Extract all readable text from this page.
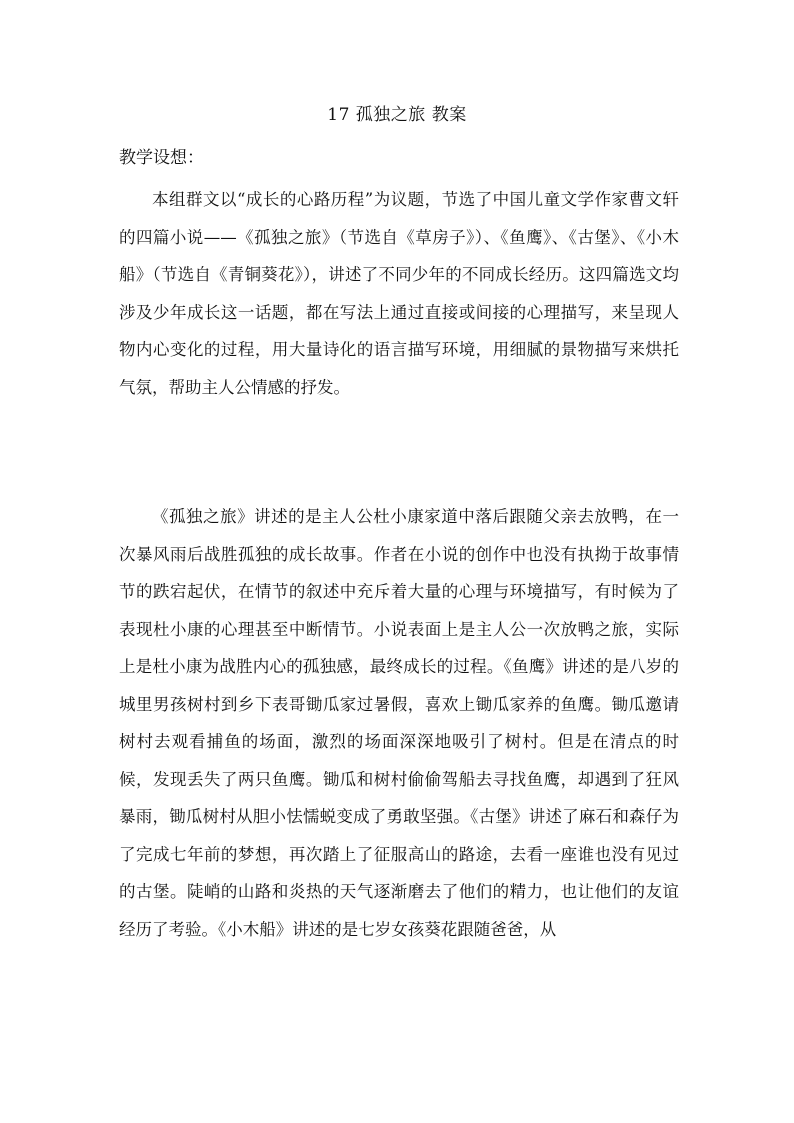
17 孤独之旅 教案
教学设想：

本组群文以“成长的心路历程”为议题，节选了中国儿童文学作家曹文轩的四篇小说——《孤独之旅》（节选自《草房子》）、《鱼鹰》、《古堡》、《小木船》（节选自《青铜葵花》），讲述了不同少年的不同成长经历。这四篇选文均涉及少年成长这一话题，都在写法上通过直接或间接的心理描写，来呈现人物内心变化的过程，用大量诗化的语言描写环境，用细腻的景物描写来烘托气氛，帮助主人公情感的抒发。

《孤独之旅》讲述的是主人公杜小康家道中落后跟随父亲去放鸭，在一次暴风雨后战胜孤独的成长故事。作者在小说的创作中也没有执拗于故事情节的跌宕起伏，在情节的叙述中充斥着大量的心理与环境描写，有时候为了表现杜小康的心理甚至中断情节。小说表面上是主人公一次放鸭之旅，实际上是杜小康为战胜内心的孤独感，最终成长的过程。《鱼鹰》讲述的是八岁的城里男孩树村到乡下表哥锄瓜家过暑假，喜欢上锄瓜家养的鱼鹰。锄瓜邀请树村去观看捕鱼的场面，激烈的场面深深地吸引了树村。但是在清点的时候，发现丢失了两只鱼鹰。锄瓜和树村偷偷驾船去寻找鱼鹰，却遇到了狂风暴雨，锄瓜树村从胆小怯懦蜕变成了勇敢坚强。《古堡》讲述了麻石和森仔为了完成七年前的梦想，再次踏上了征服高山的路途，去看一座谁也没有见过的古堡。陡峭的山路和炎热的天气逐渐磨去了他们的精力，也让他们的友谊经历了考验。《小木船》讲述的是七岁女孩葵花跟随爸爸，从
